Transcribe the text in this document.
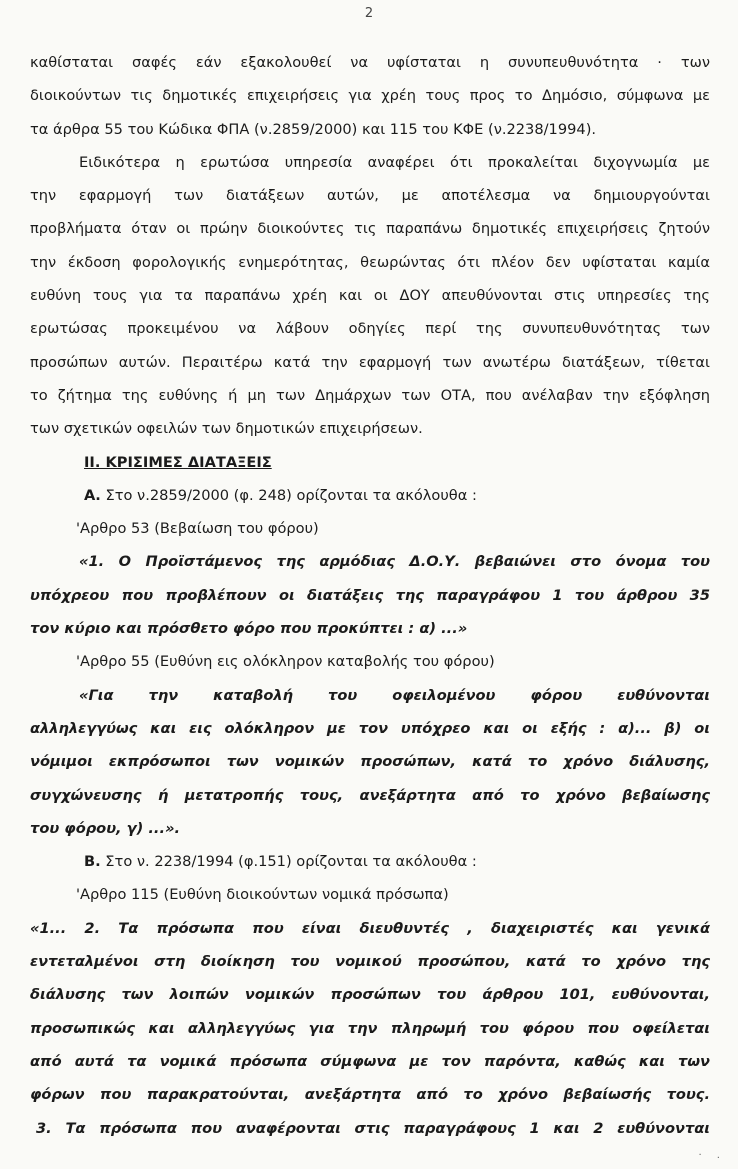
2

καθίσταται σαφές εάν εξακολουθεί να υφίσταται η συνυπευθυνότητα · των

διοικούντων τις δημοτικές επιχειρήσεις για χρέη τους προς το Δημόσιο, σύμφωνα με

τα άρθρα 55 του Κώδικα ΦΠΑ (ν.2859/2000) και 115 του ΚΦΕ (ν.2238/1994).

Ειδικότερα η ερωτώσα υπηρεσία αναφέρει ότι προκαλείται διχογνωμία με

την εφαρμογή των διατάξεων αυτών, με αποτέλεσμα να δημιουργούνται

προβλήματα όταν οι πρώην διοικούντες τις παραπάνω δημοτικές επιχειρήσεις ζητούν

την έκδοση φορολογικής ενημερότητας, θεωρώντας ότι πλέον δεν υφίσταται καμία

ευθύνη τους για τα παραπάνω χρέη και οι ΔΟΥ απευθύνονται στις υπηρεσίες της

ερωτώσας προκειμένου να λάβουν οδηγίες περί της συνυπευθυνότητας των

προσώπων αυτών. Περαιτέρω κατά την εφαρμογή των ανωτέρω διατάξεων, τίθεται

το ζήτημα της ευθύνης ή μη των Δημάρχων των ΟΤΑ, που ανέλαβαν την εξόφληση

των σχετικών οφειλών των δημοτικών επιχειρήσεων.

II. ΚΡΙΣΙΜΕΣ ΔΙΑΤΑΞΕΙΣ

Α. Στο ν.2859/2000 (φ. 248) ορίζονται τα ακόλουθα :

'Αρθρο 53 (Βεβαίωση του φόρου)

«1. Ο Προϊστάμενος της αρμόδιας Δ.Ο.Υ. βεβαιώνει στο όνομα του

υπόχρεου που προβλέπουν οι διατάξεις της παραγράφου 1 του άρθρου 35

τον κύριο και πρόσθετο φόρο που προκύπτει : α) ...»

'Αρθρο 55 (Ευθύνη εις ολόκληρον καταβολής του φόρου)

«Για την καταβολή του οφειλομένου φόρου ευθύνονται

αλληλεγγύως και εις ολόκληρον με τον υπόχρεο και οι εξής : α)... β) οι

νόμιμοι εκπρόσωποι των νομικών προσώπων, κατά το χρόνο διάλυσης,

συγχώνευσης ή μετατροπής τους, ανεξάρτητα από το χρόνο βεβαίωσης

του φόρου, γ) ...».

Β. Στο ν. 2238/1994 (φ.151) ορίζονται τα ακόλουθα :

'Αρθρο 115 (Ευθύνη διοικούντων νομικά πρόσωπα)

«1... 2. Τα πρόσωπα που είναι διευθυντές , διαχειριστές και γενικά

εντεταλμένοι στη διοίκηση του νομικού προσώπου, κατά το χρόνο της

διάλυσης των λοιπών νομικών προσώπων του άρθρου 101, ευθύνονται,

προσωπικώς και αλληλεγγύως για την πληρωμή του φόρου που οφείλεται

από αυτά τα νομικά πρόσωπα σύμφωνα με τον παρόντα, καθώς και των

φόρων που παρακρατούνται, ανεξάρτητα από το χρόνο βεβαίωσής τους.

3. Τα πρόσωπα που αναφέρονται στις παραγράφους 1 και 2 ευθύνονται

· .
